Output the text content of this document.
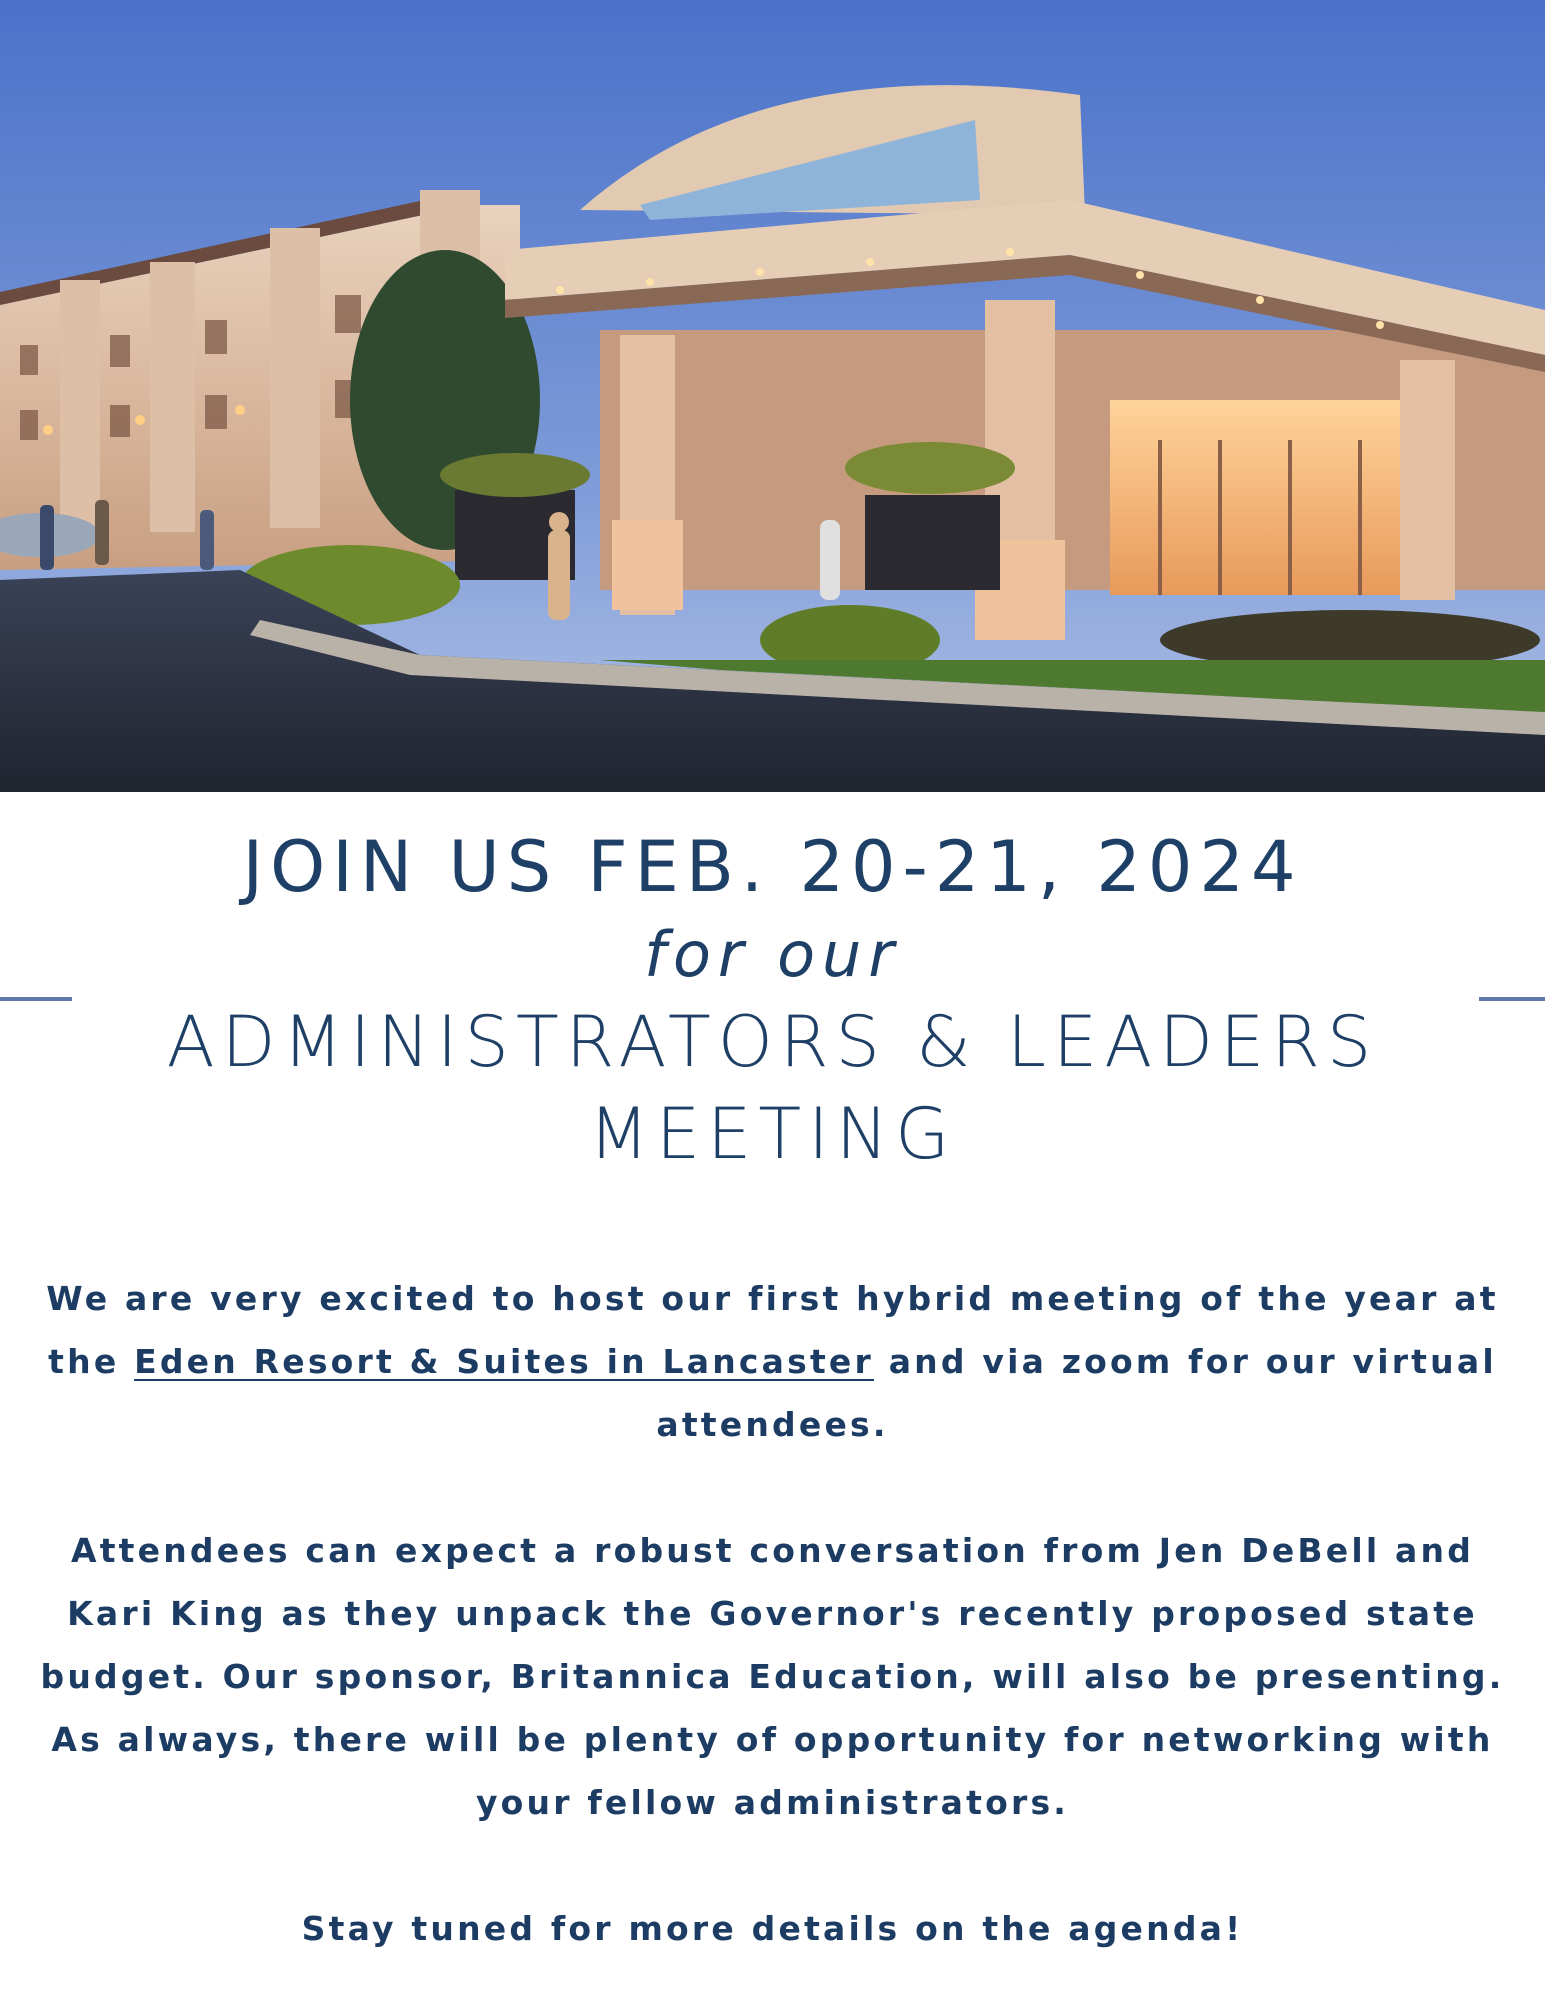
JOIN US FEB. 20-21, 2024
for our
ADMINISTRATORS & LEADERS
MEETING

We are very excited to host our first hybrid meeting of the year at the Eden Resort & Suites in Lancaster and via zoom for our virtual attendees.

Attendees can expect a robust conversation from Jen DeBell and Kari King as they unpack the Governor's recently proposed state budget. Our sponsor, Britannica Education, will also be presenting. As always, there will be plenty of opportunity for networking with your fellow administrators.

Stay tuned for more details on the agenda!
